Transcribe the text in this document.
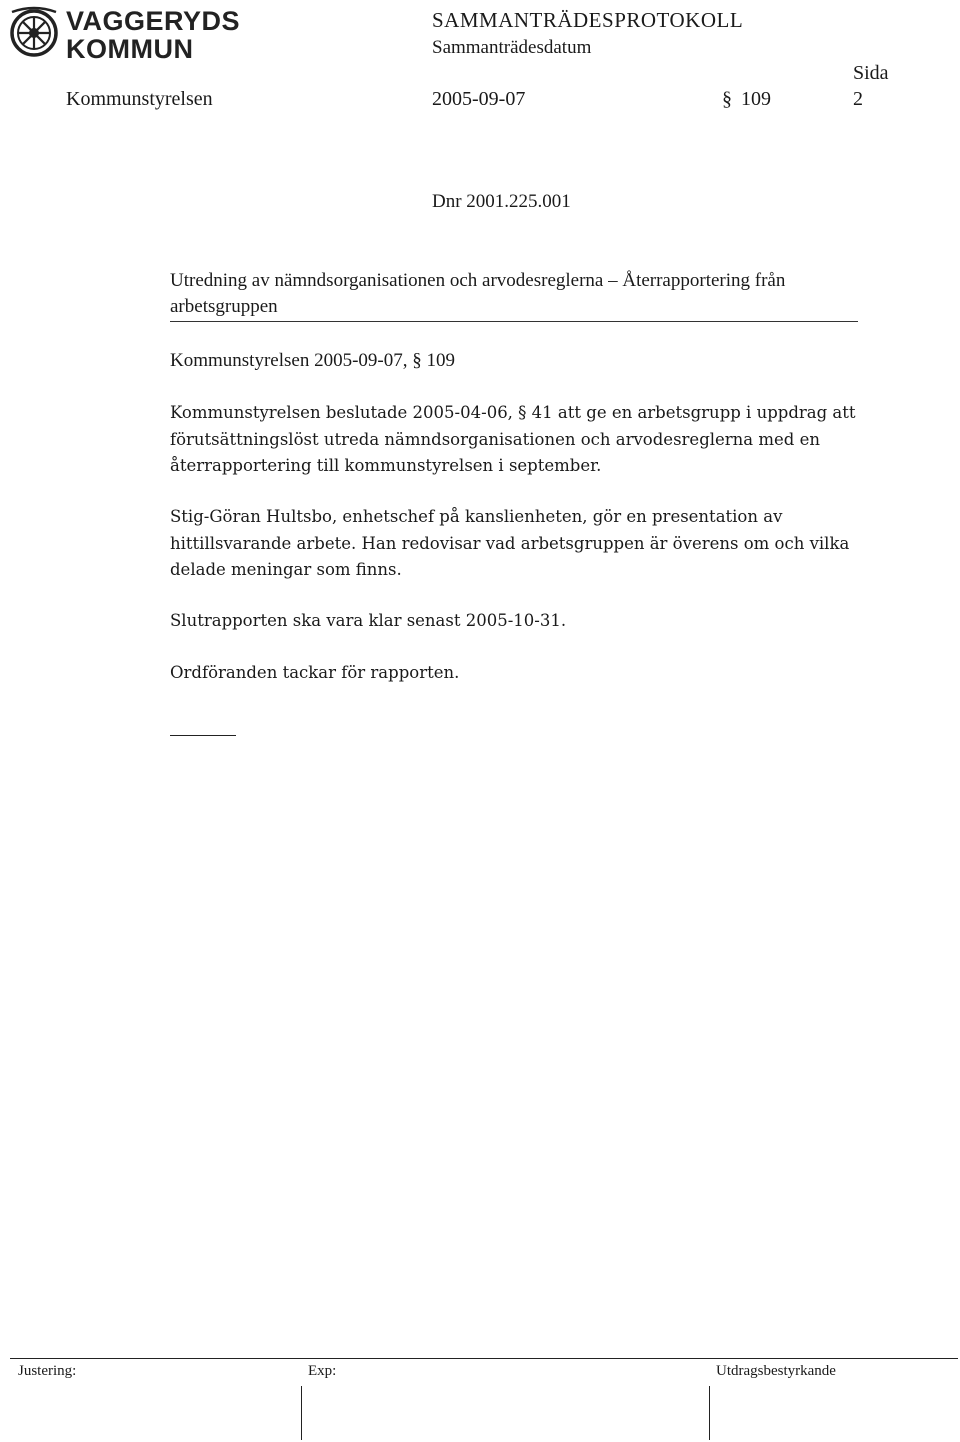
VAGGERYDS
KOMMUN
SAMMANTRÄDESPROTOKOLL
Sammanträdesdatum
Sida
Kommunstyrelsen	2005-09-07	§ 109	2
Dnr 2001.225.001
Utredning av nämndsorganisationen och arvodesreglerna – Återrapportering från arbetsgruppen
Kommunstyrelsen 2005-09-07, § 109
Kommunstyrelsen beslutade 2005-04-06, § 41 att ge en arbetsgrupp i uppdrag att förutsättningslöst utreda nämndsorganisationen och arvodesreglerna med en återrapportering till kommunstyrelsen i september.
Stig-Göran Hultsbo, enhetschef på kanslienheten, gör en presentation av hittillsvarande arbete. Han redovisar vad arbetsgruppen är överens om och vilka delade meningar som finns.
Slutrapporten ska vara klar senast 2005-10-31.
Ordföranden tackar för rapporten.
Justering:	Exp:	Utdragsbestyrkande
